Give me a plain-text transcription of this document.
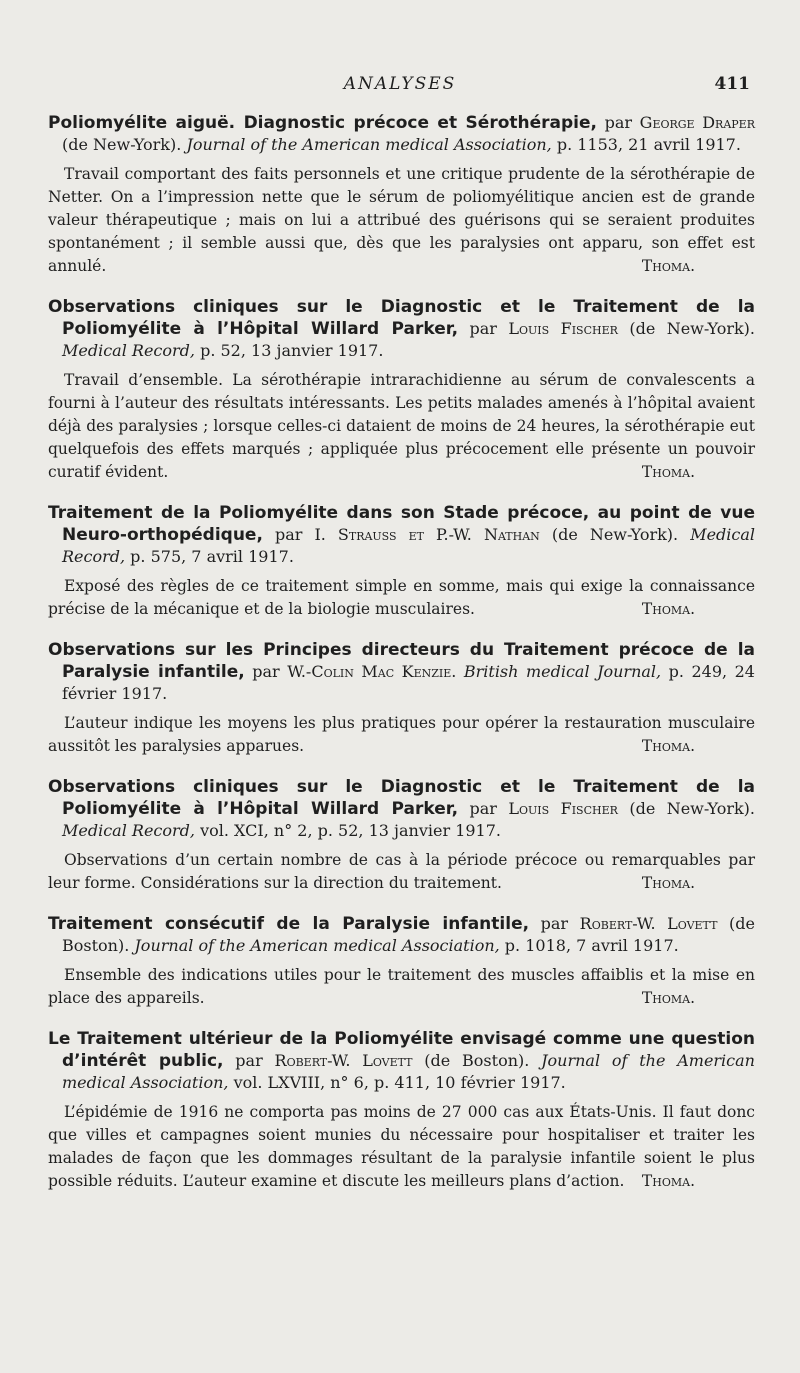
ANALYSES	411

Poliomyélite aiguë. Diagnostic précoce et Sérothérapie, par George Draper (de New-York). Journal of the American medical Association, p. 1153, 21 avril 1917.

Travail comportant des faits personnels et une critique prudente de la sérothérapie de Netter. On a l’impression nette que le sérum de poliomyélitique ancien est de grande valeur thérapeutique ; mais on lui a attribué des guérisons qui se seraient produites spontanément ; il semble aussi que, dès que les paralysies ont apparu, son effet est annulé.	Thoma.

Observations cliniques sur le Diagnostic et le Traitement de la Poliomyélite à l’Hôpital Willard Parker, par Louis Fischer (de New-York). Medical Record, p. 52, 13 janvier 1917.

Travail d’ensemble. La sérothérapie intrarachidienne au sérum de convalescents a fourni à l’auteur des résultats intéressants. Les petits malades amenés à l’hôpital avaient déjà des paralysies ; lorsque celles-ci dataient de moins de 24 heures, la sérothérapie eut quelquefois des effets marqués ; appliquée plus précocement elle présente un pouvoir curatif évident.	Thoma.

Traitement de la Poliomyélite dans son Stade précoce, au point de vue Neuro-orthopédique, par I. Strauss et P.-W. Nathan (de New-York). Medical Record, p. 575, 7 avril 1917.

Exposé des règles de ce traitement simple en somme, mais qui exige la connaissance précise de la mécanique et de la biologie musculaires.	Thoma.

Observations sur les Principes directeurs du Traitement précoce de la Paralysie infantile, par W.-Colin Mac Kenzie. British medical Journal, p. 249, 24 février 1917.

L’auteur indique les moyens les plus pratiques pour opérer la restauration musculaire aussitôt les paralysies apparues.	Thoma.

Observations cliniques sur le Diagnostic et le Traitement de la Poliomyélite à l’Hôpital Willard Parker, par Louis Fischer (de New-York). Medical Record, vol. XCI, n° 2, p. 52, 13 janvier 1917.

Observations d’un certain nombre de cas à la période précoce ou remarquables par leur forme. Considérations sur la direction du traitement.	Thoma.

Traitement consécutif de la Paralysie infantile, par Robert-W. Lovett (de Boston). Journal of the American medical Association, p. 1018, 7 avril 1917.

Ensemble des indications utiles pour le traitement des muscles affaiblis et la mise en place des appareils.	Thoma.

Le Traitement ultérieur de la Poliomyélite envisagé comme une question d’intérêt public, par Robert-W. Lovett (de Boston). Journal of the American medical Association, vol. LXVIII, n° 6, p. 411, 10 février 1917.

L’épidémie de 1916 ne comporta pas moins de 27 000 cas aux États-Unis. Il faut donc que villes et campagnes soient munies du nécessaire pour hospitaliser et traiter les malades de façon que les dommages résultant de la paralysie infantile soient le plus possible réduits. L’auteur examine et discute les meilleurs plans d’action.	Thoma.
